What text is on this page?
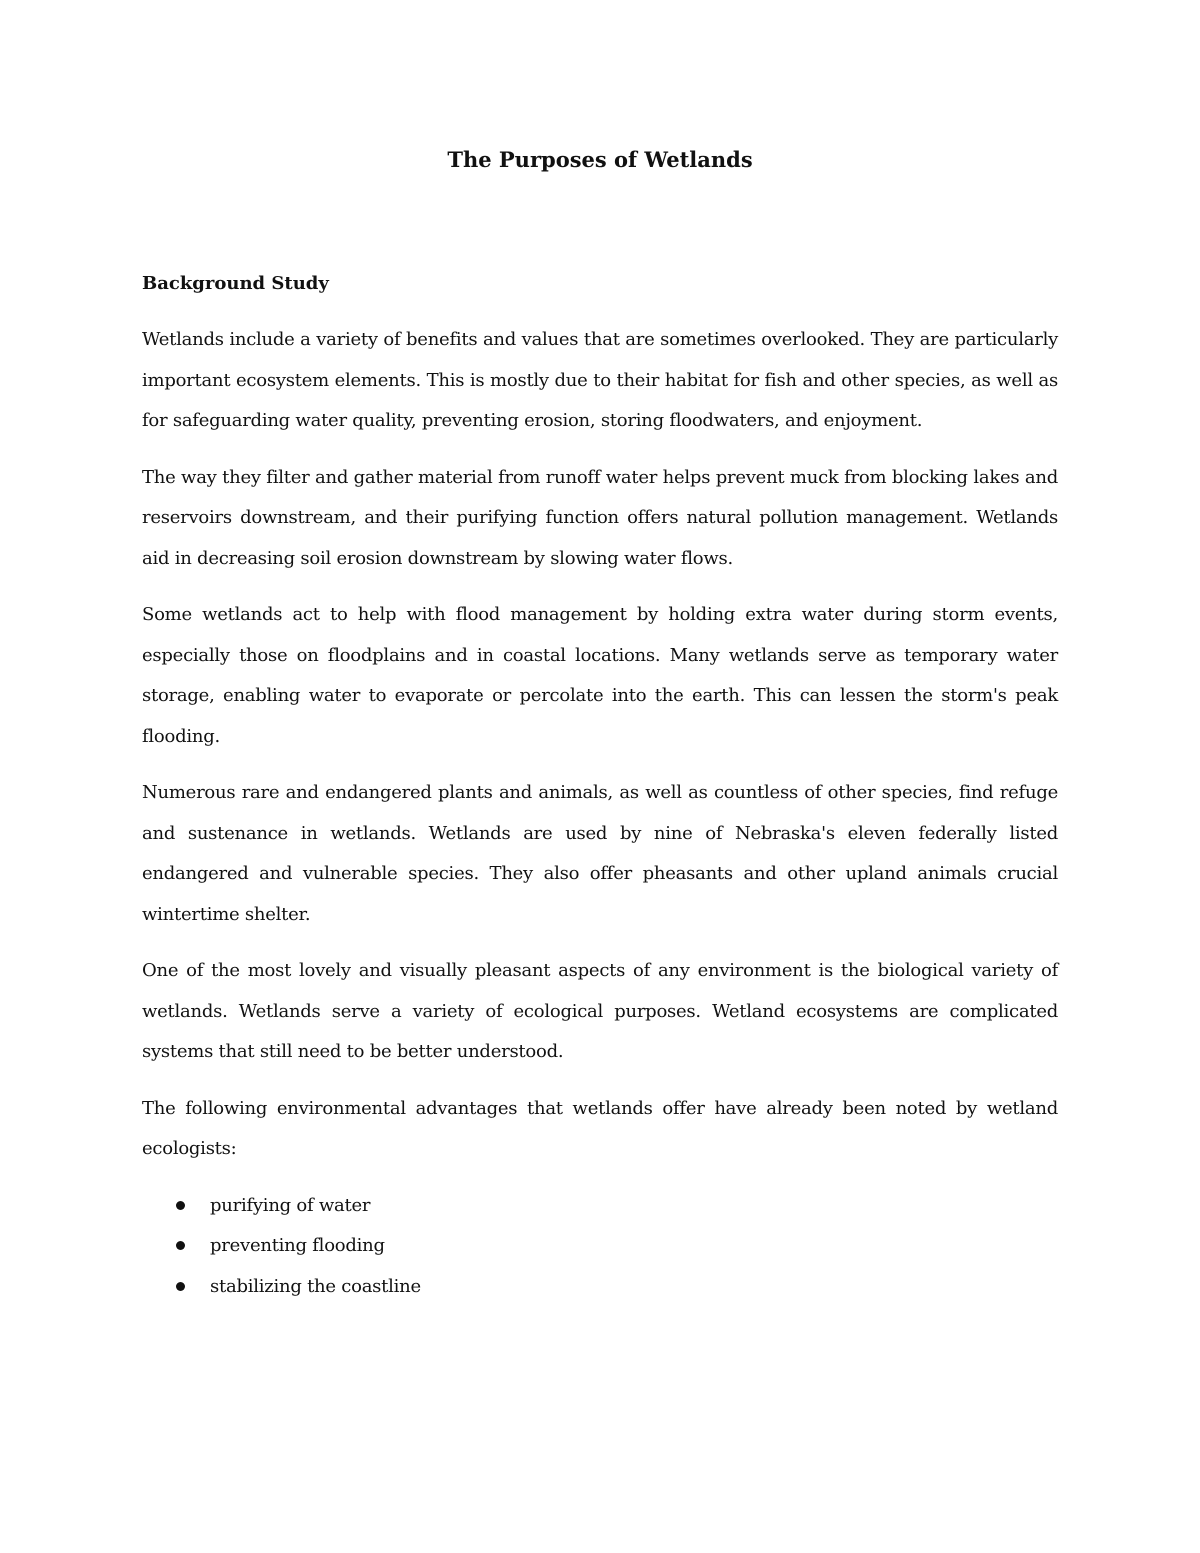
The Purposes of Wetlands
Background Study

Wetlands include a variety of benefits and values that are sometimes overlooked. They are particularly important ecosystem elements. This is mostly due to their habitat for fish and other species, as well as for safeguarding water quality, preventing erosion, storing floodwaters, and enjoyment.

The way they filter and gather material from runoff water helps prevent muck from blocking lakes and reservoirs downstream, and their purifying function offers natural pollution management. Wetlands aid in decreasing soil erosion downstream by slowing water flows.

Some wetlands act to help with flood management by holding extra water during storm events, especially those on floodplains and in coastal locations. Many wetlands serve as temporary water storage, enabling water to evaporate or percolate into the earth. This can lessen the storm's peak flooding.

Numerous rare and endangered plants and animals, as well as countless of other species, find refuge and sustenance in wetlands. Wetlands are used by nine of Nebraska's eleven federally listed endangered and vulnerable species. They also offer pheasants and other upland animals crucial wintertime shelter.

One of the most lovely and visually pleasant aspects of any environment is the biological variety of wetlands. Wetlands serve a variety of ecological purposes. Wetland ecosystems are complicated systems that still need to be better understood.

The following environmental advantages that wetlands offer have already been noted by wetland ecologists:

purifying of water
preventing flooding
stabilizing the coastline
